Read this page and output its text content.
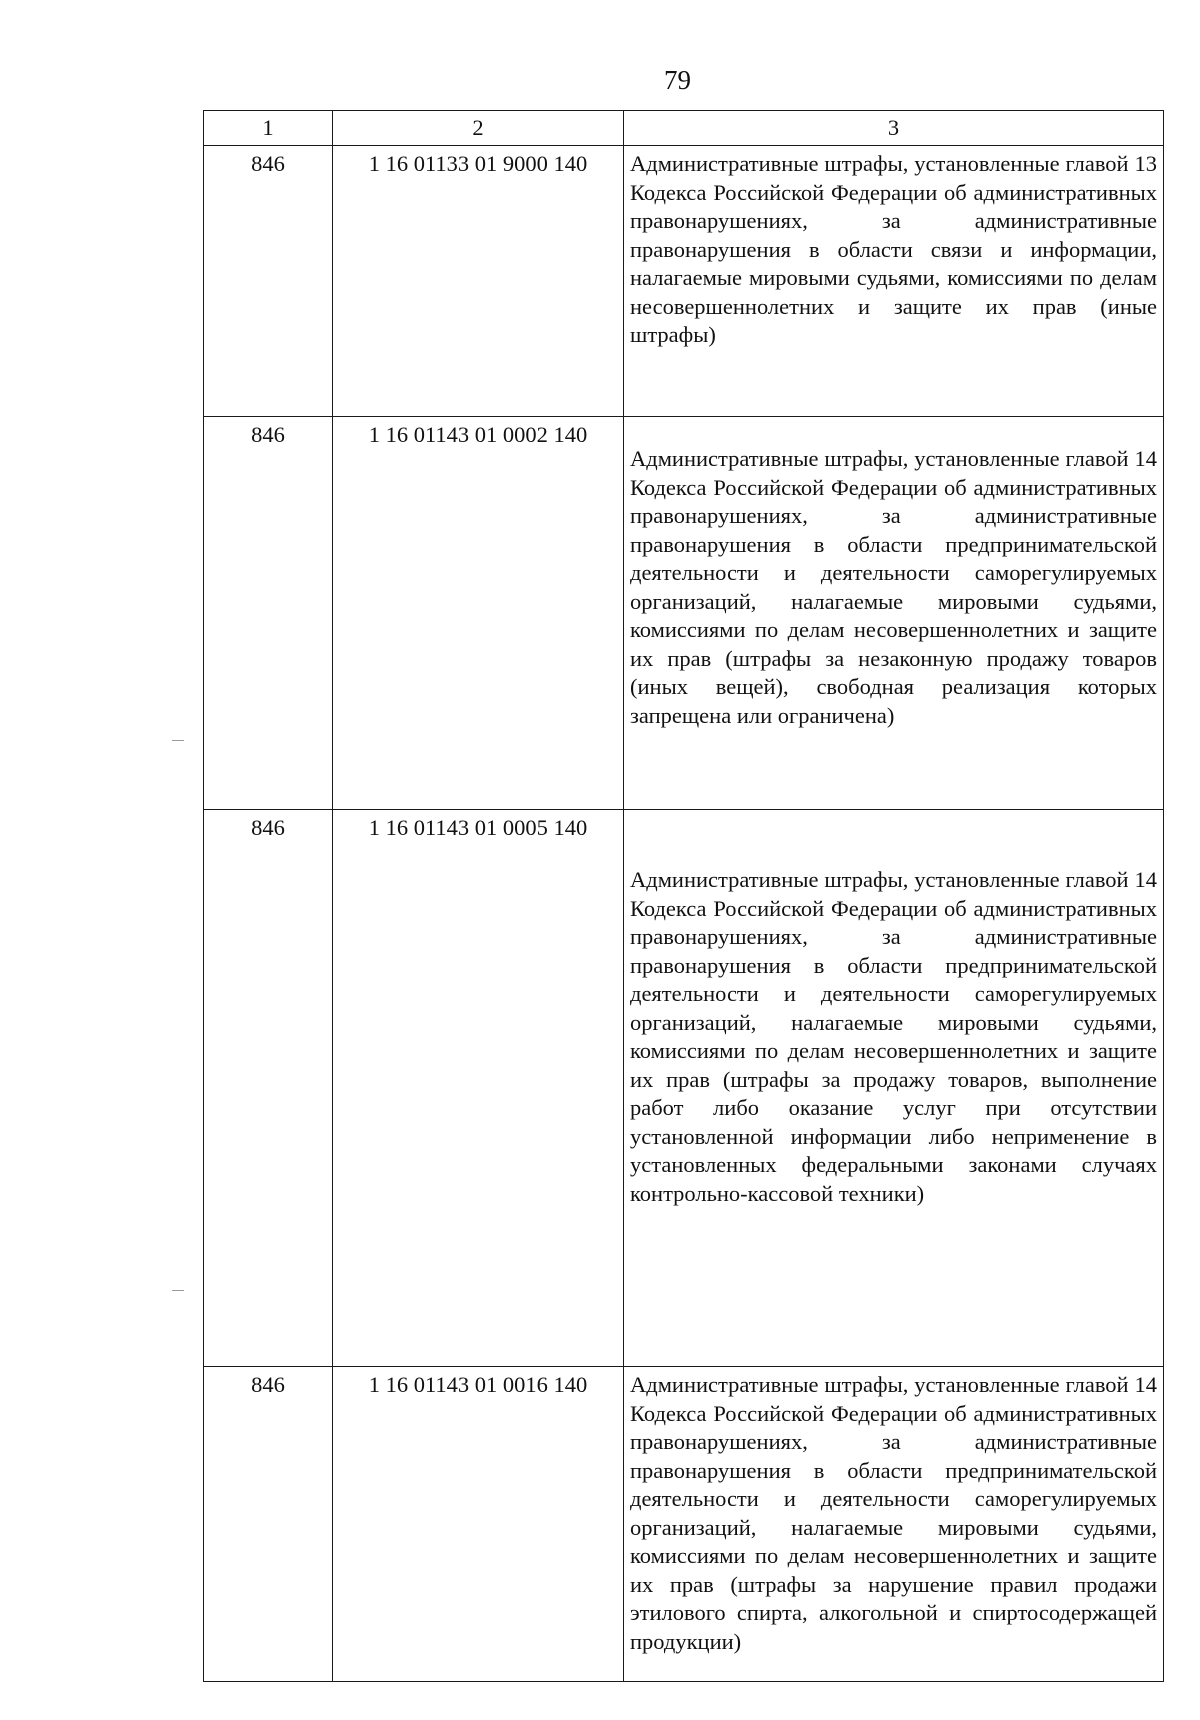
79
1	2	3

846	1 16 01133 01 9000 140	Административные штрафы, установленные главой 13 Кодекса Российской Федерации об административных правонарушениях, за административные правонарушения в области связи и информации, налагаемые мировыми судьями, комиссиями по делам несовершеннолетних и защите их прав (иные штрафы)

846	1 16 01143 01 0002 140	Административные штрафы, установленные главой 14 Кодекса Российской Федерации об административных правонарушениях, за административные правонарушения в области предпринимательской деятельности и деятельности саморегулируемых организаций, налагаемые мировыми судьями, комиссиями по делам несовершеннолетних и защите их прав (штрафы за незаконную продажу товаров (иных вещей), свободная реализация которых запрещена или ограничена)

846	1 16 01143 01 0005 140	Административные штрафы, установленные главой 14 Кодекса Российской Федерации об административных правонарушениях, за административные правонарушения в области предпринимательской деятельности и деятельности саморегулируемых организаций, налагаемые мировыми судьями, комиссиями по делам несовершеннолетних и защите их прав (штрафы за продажу товаров, выполнение работ либо оказание услуг при отсутствии установленной информации либо неприменение в установленных федеральными законами случаях контрольно-кассовой техники)

846	1 16 01143 01 0016 140	Административные штрафы, установленные главой 14 Кодекса Российской Федерации об административных правонарушениях, за административные правонарушения в области предпринимательской деятельности и деятельности саморегулируемых организаций, налагаемые мировыми судьями, комиссиями по делам несовершеннолетних и защите их прав (штрафы за нарушение правил продажи этилового спирта, алкогольной и спиртосодержащей продукции)
